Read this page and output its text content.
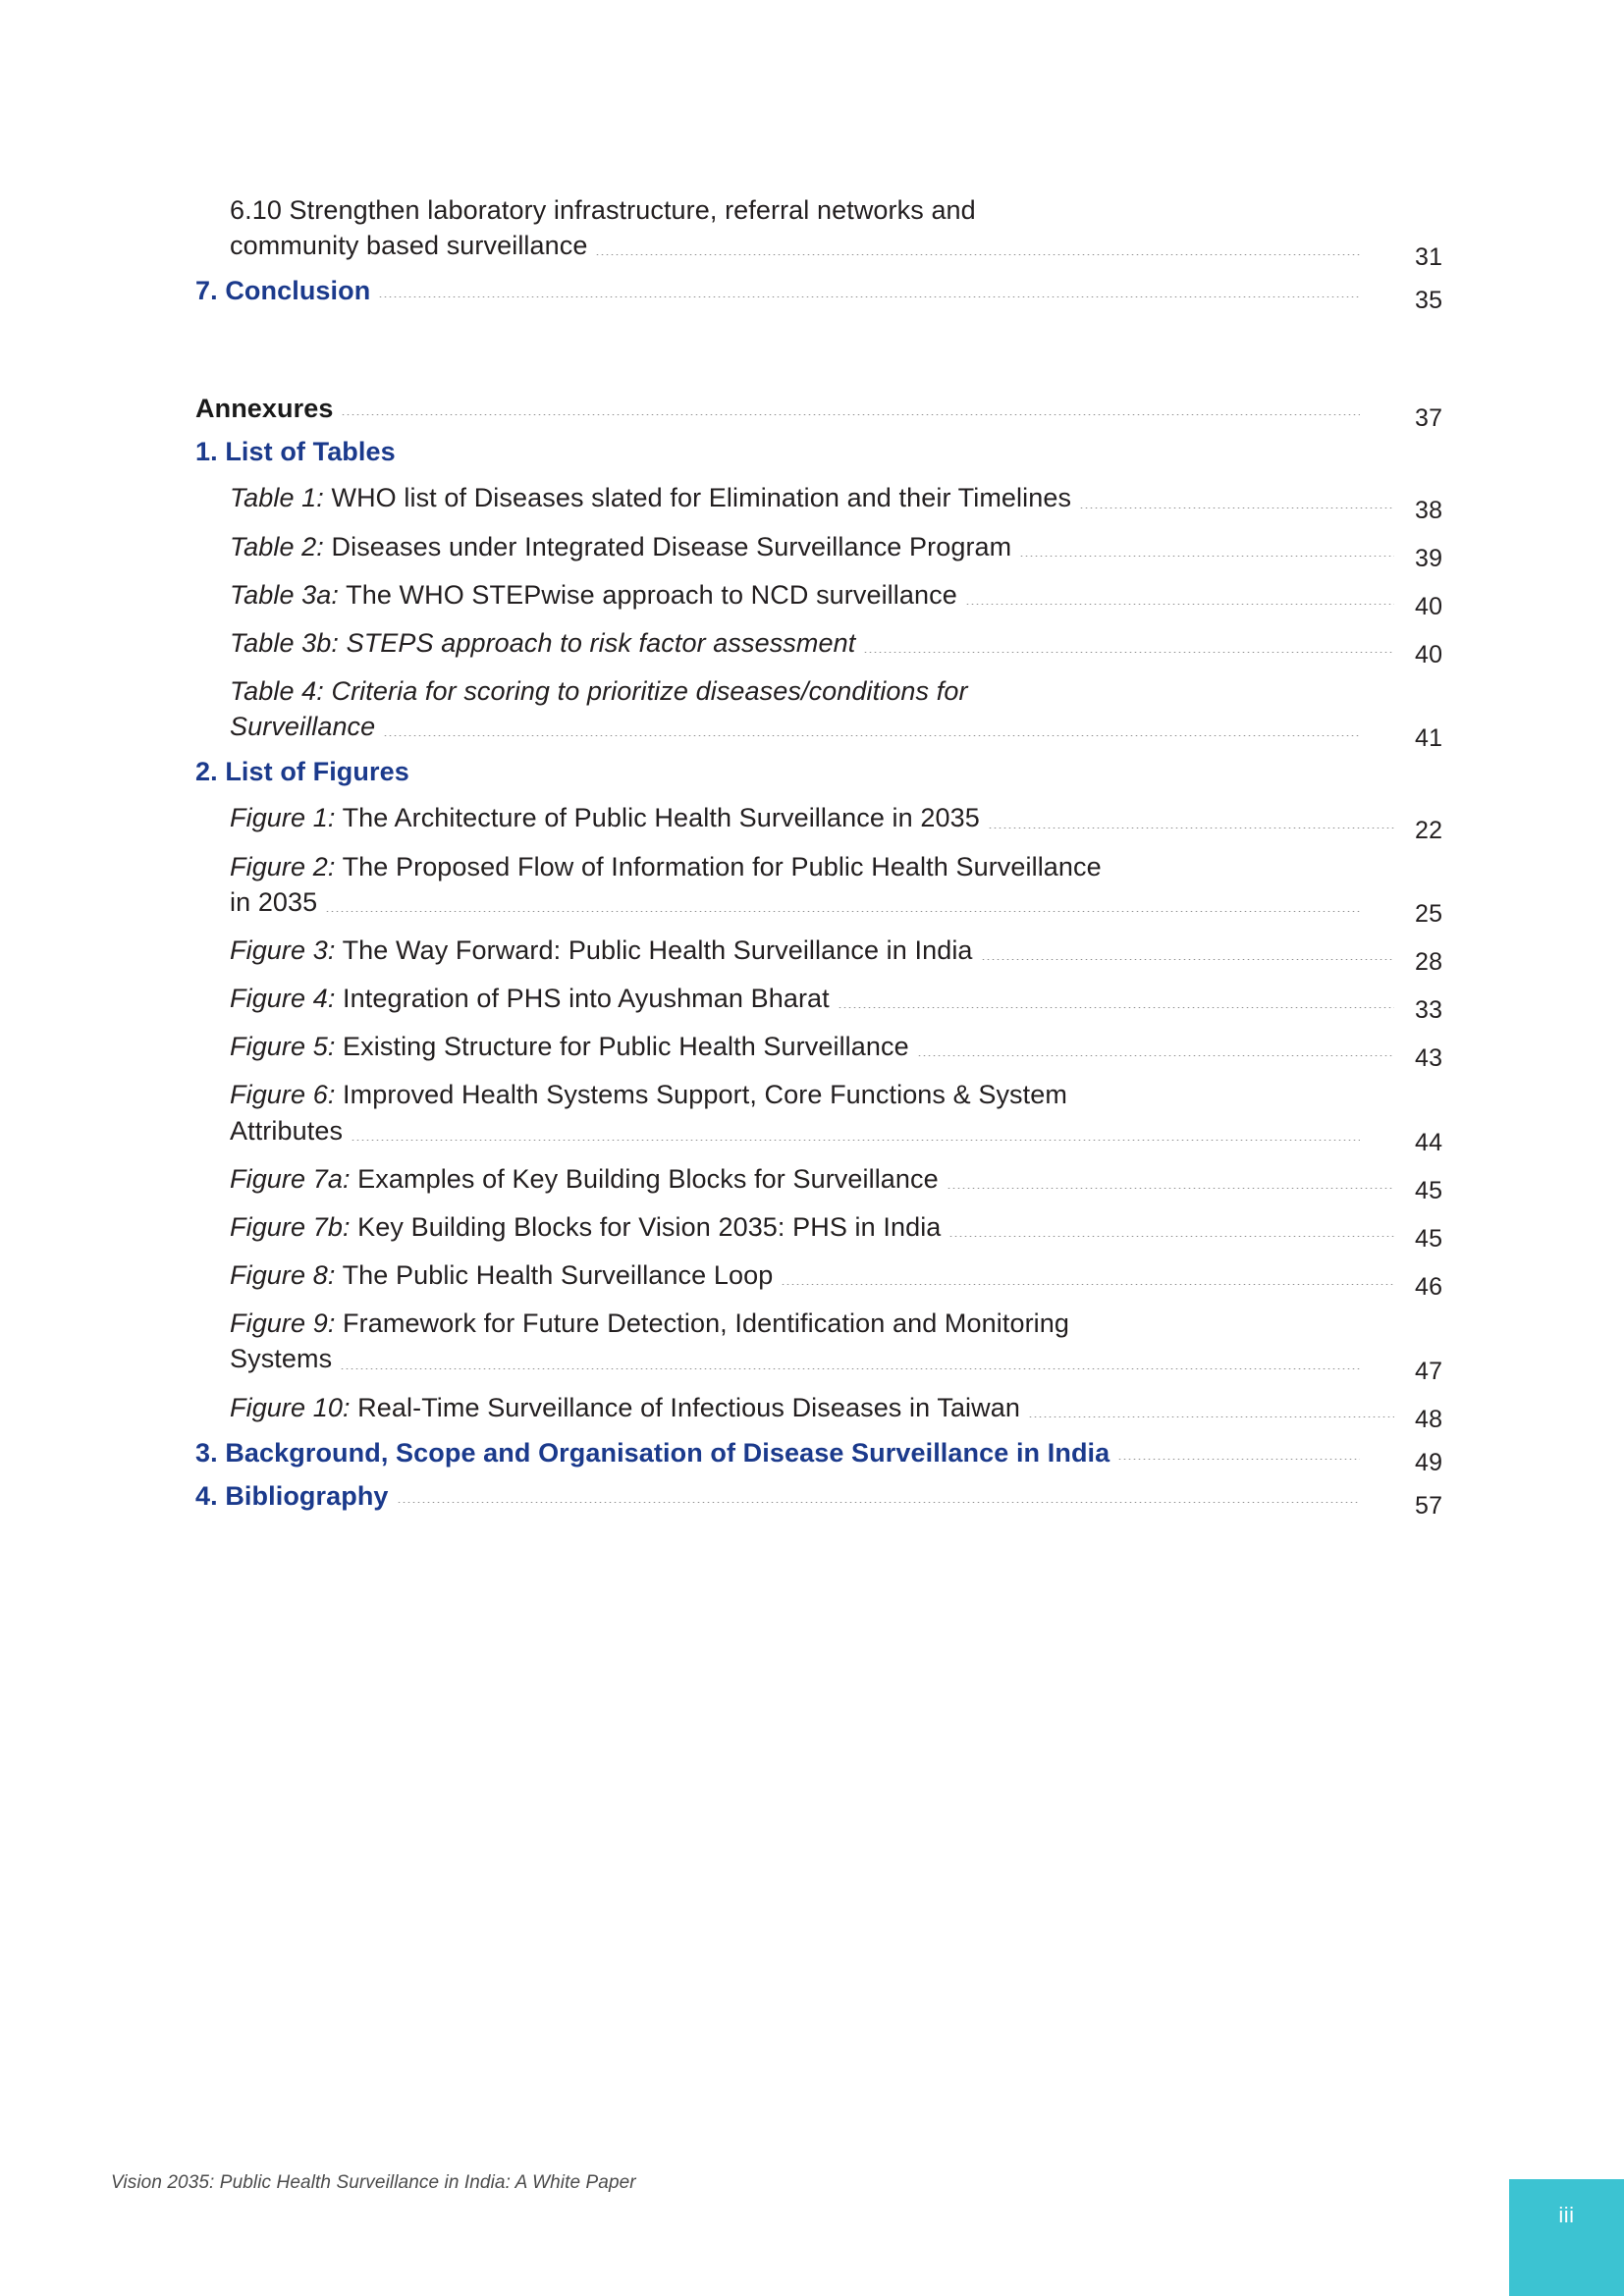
6.10 Strengthen laboratory infrastructure, referral networks and
community based surveillance	31
7. Conclusion	35
Annexures	37
1. List of Tables
Table 1: WHO list of Diseases slated for Elimination and their Timelines	38
Table 2: Diseases under Integrated Disease Surveillance Program	39
Table 3a: The WHO STEPwise approach to NCD surveillance	40
Table 3b: STEPS approach to risk factor assessment	40
Table 4: Criteria for scoring to prioritize diseases/conditions for
Surveillance	41
2. List of Figures
Figure 1: The Architecture of Public Health Surveillance in 2035	22
Figure 2: The Proposed Flow of Information for Public Health Surveillance
in 2035	25
Figure 3: The Way Forward: Public Health Surveillance in India	28
Figure 4: Integration of PHS into Ayushman Bharat	33
Figure 5: Existing Structure for Public Health Surveillance	43
Figure 6: Improved Health Systems Support, Core Functions & System
Attributes	44
Figure 7a: Examples of Key Building Blocks for Surveillance	45
Figure 7b: Key Building Blocks for Vision 2035: PHS in India	45
Figure 8: The Public Health Surveillance Loop	46
Figure 9: Framework for Future Detection, Identification and Monitoring
Systems	47
Figure 10: Real-Time Surveillance of Infectious Diseases in Taiwan	48
3. Background, Scope and Organisation of Disease Surveillance in India	49
4. Bibliography	57
Vision 2035: Public Health Surveillance in India: A White Paper
iii
